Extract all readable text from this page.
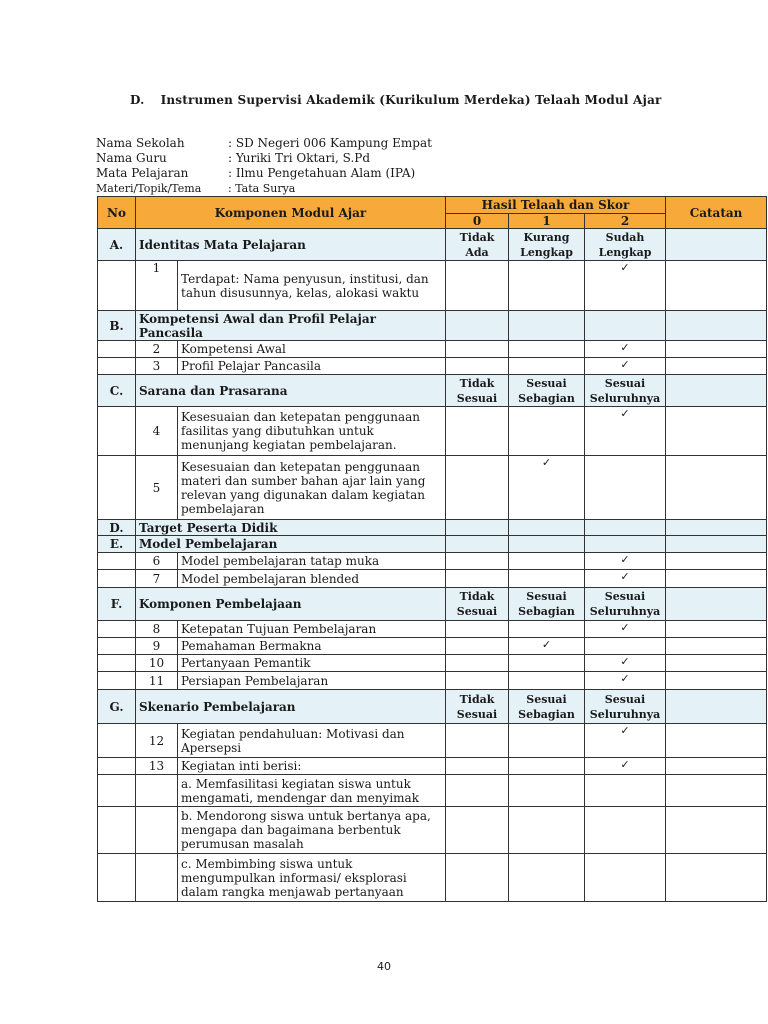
D. Instrumen Supervisi Akademik (Kurikulum Merdeka) Telaah Modul Ajar
Nama Sekolah	: SD Negeri 006 Kampung Empat
Nama Guru	: Yuriki Tri Oktari, S.Pd
Mata Pelajaran	: Ilmu Pengetahuan Alam (IPA)
Materi/Topik/Tema	: Tata Surya
No	Komponen Modul Ajar		Hasil Telaah dan Skor			Catatan
			0	1	2	
A.	Identitas Mata Pelajaran		Tidak Ada	Kurang Lengkap	Sudah Lengkap	
	1	Terdapat: Nama penyusun, institusi, dan tahun disusunnya, kelas, alokasi waktu			✓	
B.	Kompetensi Awal dan Profil Pelajar Pancasila					
	2	Kompetensi Awal			✓	
	3	Profil Pelajar Pancasila			✓	
C.	Sarana dan Prasarana		Tidak Sesuai	Sesuai Sebagian	Sesuai Seluruhnya	
	4	Kesesuaian dan ketepatan penggunaan fasilitas yang dibutuhkan untuk menunjang kegiatan pembelajaran.			✓	
	5	Kesesuaian dan ketepatan penggunaan materi dan sumber bahan ajar lain yang relevan yang digunakan dalam kegiatan pembelajaran		✓		
D.	Target Peserta Didik					
E.	Model Pembelajaran					
	6	Model pembelajaran tatap muka			✓	
	7	Model pembelajaran blended			✓	
F.	Komponen Pembelajaan		Tidak Sesuai	Sesuai Sebagian	Sesuai Seluruhnya	
	8	Ketepatan Tujuan Pembelajaran			✓	
	9	Pemahaman Bermakna		✓		
	10	Pertanyaan Pemantik			✓	
	11	Persiapan Pembelajaran			✓	
G.	Skenario Pembelajaran		Tidak Sesuai	Sesuai Sebagian	Sesuai Seluruhnya	
	12	Kegiatan pendahuluan: Motivasi dan Apersepsi			✓	
	13	Kegiatan inti berisi:			✓	
		a. Memfasilitasi kegiatan siswa untuk mengamati, mendengar dan menyimak				
		b. Mendorong siswa untuk bertanya apa, mengapa dan bagaimana berbentuk perumusan masalah				
		c. Membimbing siswa untuk mengumpulkan informasi/ eksplorasi dalam rangka menjawab pertanyaan				
40
